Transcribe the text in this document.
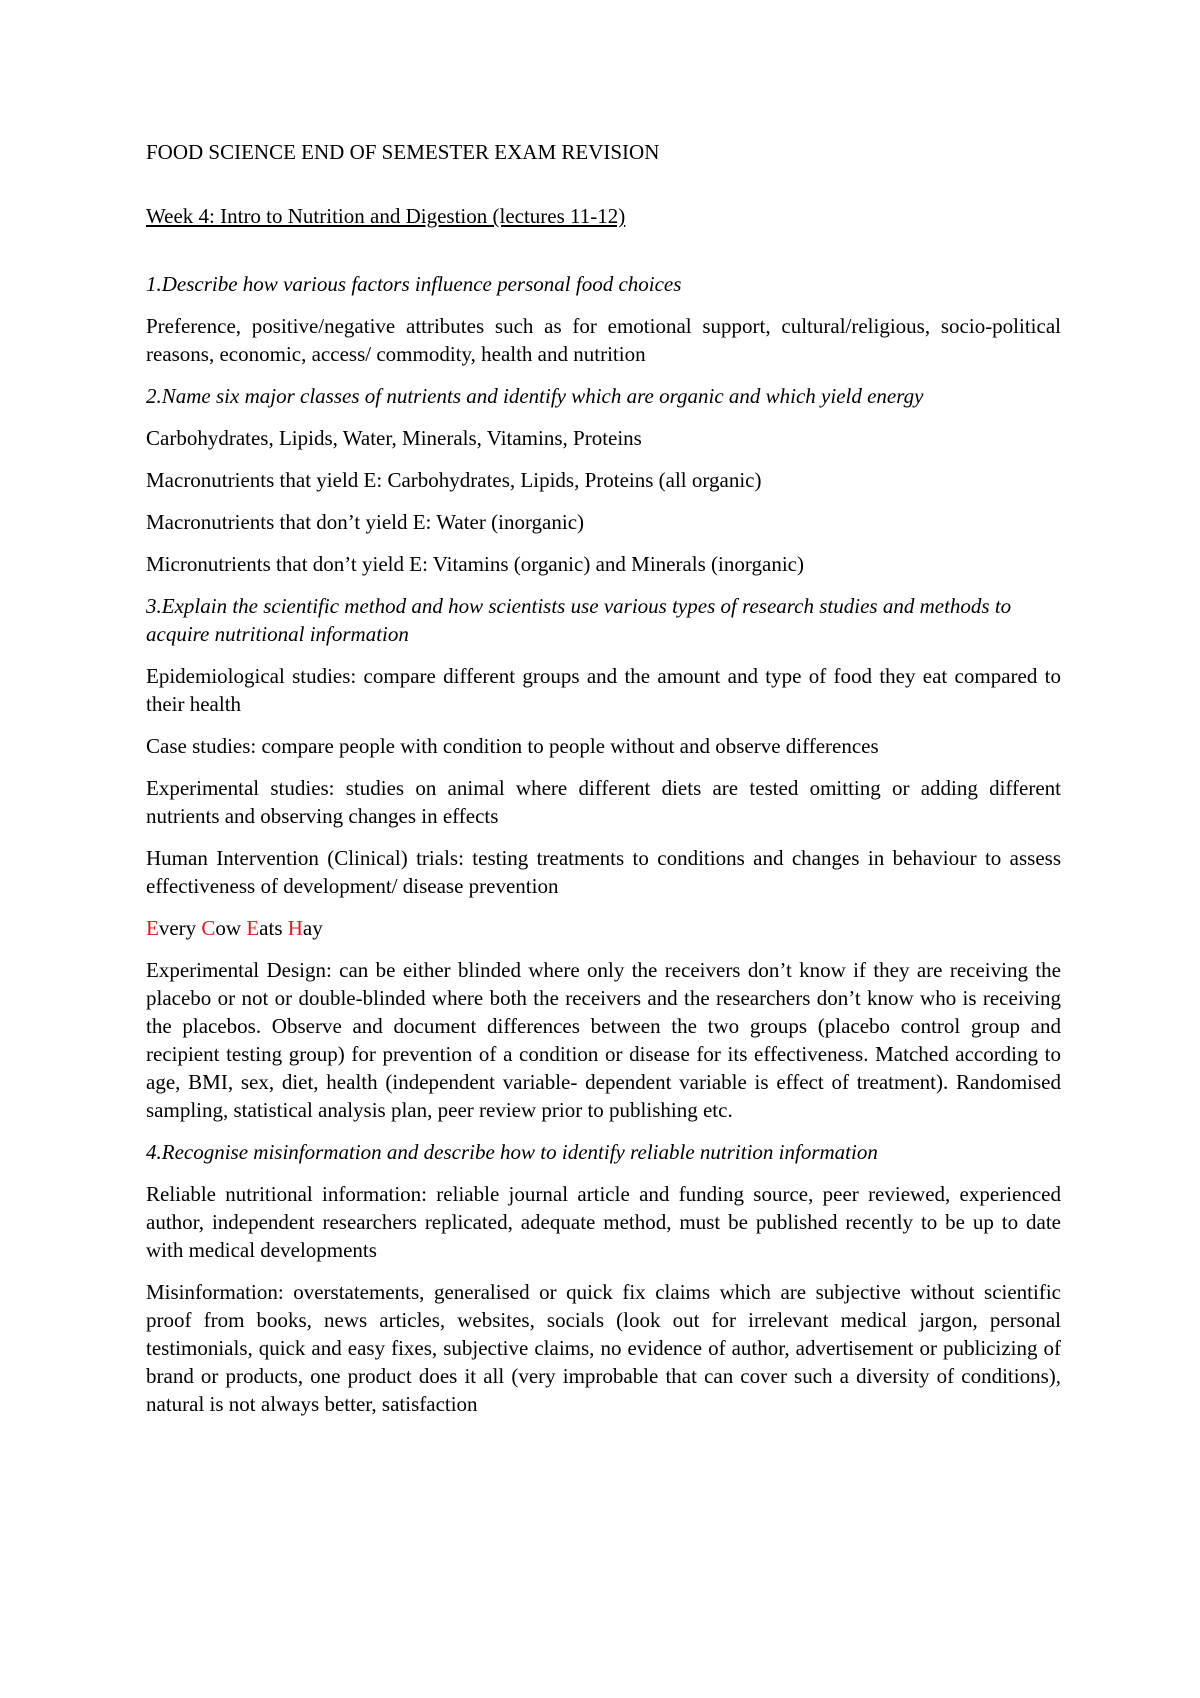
FOOD SCIENCE END OF SEMESTER EXAM REVISION
Week 4: Intro to Nutrition and Digestion (lectures 11-12)
1.Describe how various factors influence personal food choices

Preference, positive/negative attributes such as for emotional support, cultural/religious, socio-political reasons, economic, access/ commodity, health and nutrition

2.Name six major classes of nutrients and identify which are organic and which yield energy

Carbohydrates, Lipids, Water, Minerals, Vitamins, Proteins

Macronutrients that yield E: Carbohydrates, Lipids, Proteins (all organic)

Macronutrients that don’t yield E: Water (inorganic)

Micronutrients that don’t yield E: Vitamins (organic) and Minerals (inorganic)

3.Explain the scientific method and how scientists use various types of research studies and methods to acquire nutritional information

Epidemiological studies: compare different groups and the amount and type of food they eat compared to their health

Case studies: compare people with condition to people without and observe differences

Experimental studies: studies on animal where different diets are tested omitting or adding different nutrients and observing changes in effects

Human Intervention (Clinical) trials: testing treatments to conditions and changes in behaviour to assess effectiveness of development/ disease prevention

Every Cow Eats Hay

Experimental Design: can be either blinded where only the receivers don’t know if they are receiving the placebo or not or double-blinded where both the receivers and the researchers don’t know who is receiving the placebos. Observe and document differences between the two groups (placebo control group and recipient testing group) for prevention of a condition or disease for its effectiveness. Matched according to age, BMI, sex, diet, health (independent variable- dependent variable is effect of treatment). Randomised sampling, statistical analysis plan, peer review prior to publishing etc.

4.Recognise misinformation and describe how to identify reliable nutrition information

Reliable nutritional information: reliable journal article and funding source, peer reviewed, experienced author, independent researchers replicated, adequate method, must be published recently to be up to date with medical developments

Misinformation: overstatements, generalised or quick fix claims which are subjective without scientific proof from books, news articles, websites, socials (look out for irrelevant medical jargon, personal testimonials, quick and easy fixes, subjective claims, no evidence of author, advertisement or publicizing of brand or products, one product does it all (very improbable that can cover such a diversity of conditions), natural is not always better, satisfaction
